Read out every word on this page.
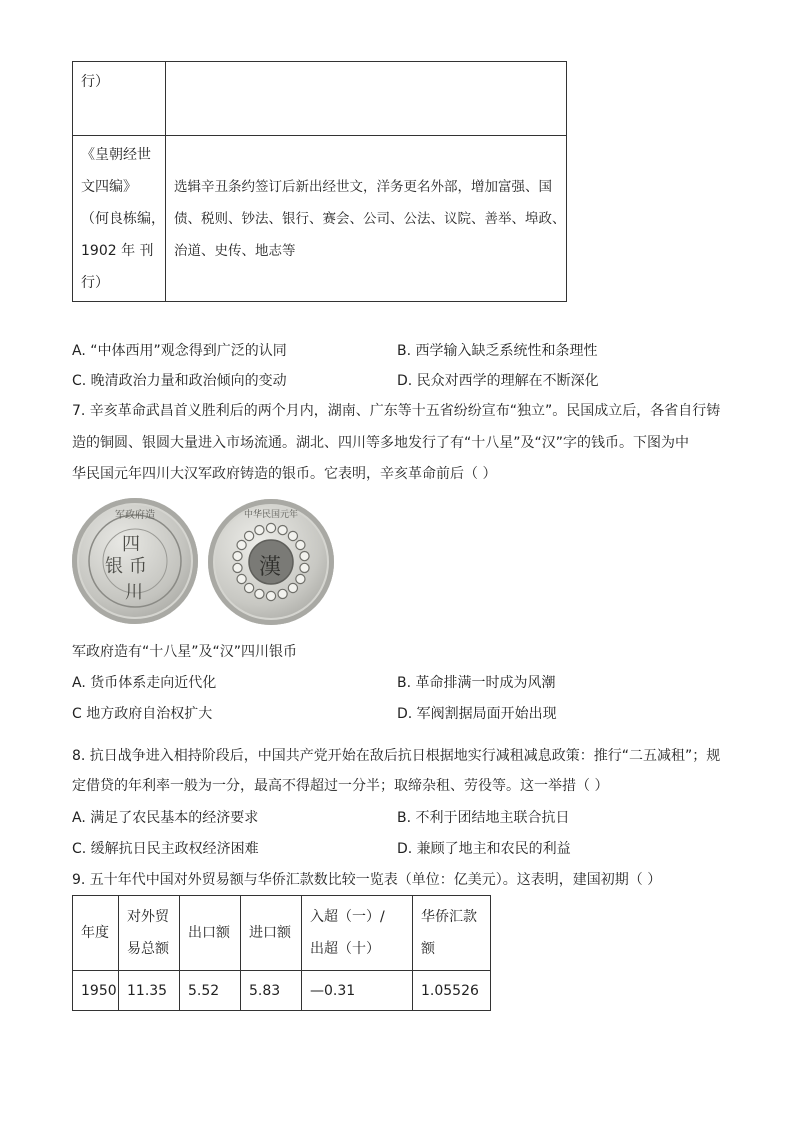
行）	

《皇朝经世
文四编》
（何良栋编，
1902 年 刊
行）	选辑辛丑条约签订后新出经世文，洋务更名外部，增加富强、国
债、税则、钞法、银行、赛会、公司、公法、议院、善举、埠政、
治道、史传、地志等
A. “中体西用”观念得到广泛的认同	B. 西学输入缺乏系统性和条理性
C. 晚清政治力量和政治倾向的变动	D. 民众对西学的理解在不断深化
7. 辛亥革命武昌首义胜利后的两个月内，湖南、广东等十五省纷纷宣布“独立”。民国成立后，各省自行铸
造的铜圆、银圆大量进入市场流通。湖北、四川等多地发行了有“十八星”及“汉”字的钱币。下图为中
华民国元年四川大汉军政府铸造的银币。它表明，辛亥革命前后（ ）
军政府造
四
银币
川
中华民国元年
漢
军政府造有“十八星”及“汉”四川银币
A. 货币体系走向近代化	B. 革命排满一时成为风潮
C 地方政府自治权扩大	D. 军阀割据局面开始出现
8. 抗日战争进入相持阶段后，中国共产党开始在敌后抗日根据地实行减租减息政策：推行“二五减租”；规
定借贷的年利率一般为一分，最高不得超过一分半；取缔杂租、劳役等。这一举措（ ）
A. 满足了农民基本的经济要求	B. 不利于团结地主联合抗日
C. 缓解抗日民主政权经济困难	D. 兼顾了地主和农民的利益
9. 五十年代中国对外贸易额与华侨汇款数比较一览表（单位：亿美元）。这表明，建国初期（ ）
年度	对外贸
易总额	出口额	进口额	入超（一）/
出超（十）	华侨汇款
额

1950	11.35	5.52	5.83	—0.31	1.05526
